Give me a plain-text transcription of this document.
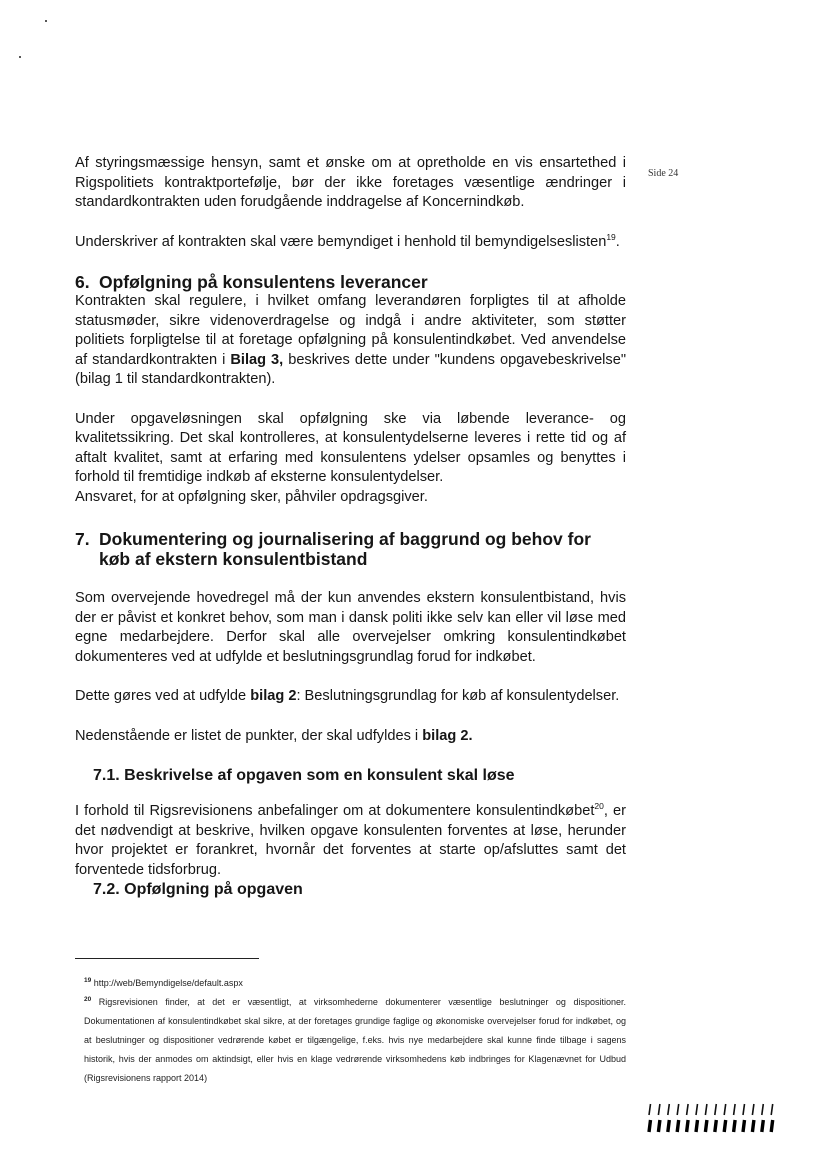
Side 24

Af styringsmæssige hensyn, samt et ønske om at opretholde en vis ensartethed i Rigspolitiets kontraktportefølje, bør der ikke foretages væsentlige ændringer i standardkontrakten uden forudgående inddragelse af Koncernindkøb.

Underskriver af kontrakten skal være bemyndiget i henhold til bemyndigelseslisten$^{19}$.

6. Opfølgning på konsulentens leverancer

Kontrakten skal regulere, i hvilket omfang leverandøren forpligtes til at afholde statusmøder, sikre videnoverdragelse og indgå i andre aktiviteter, som støtter politiets forpligtelse til at foretage opfølgning på konsulentindkøbet. Ved anvendelse af standardkontrakten i Bilag 3, beskrives dette under "kundens opgavebeskrivelse" (bilag 1 til standardkontrakten).

Under opgaveløsningen skal opfølgning ske via løbende leverance- og kvalitetssikring. Det skal kontrolleres, at konsulentydelserne leveres i rette tid og af aftalt kvalitet, samt at erfaring med konsulentens ydelser opsamles og benyttes i forhold til fremtidige indkøb af eksterne konsulentydelser.

Ansvaret, for at opfølgning sker, påhviler opdragsgiver.

7. Dokumentering og journalisering af baggrund og behov for
køb af ekstern konsulentbistand

Som overvejende hovedregel må der kun anvendes ekstern konsulentbistand, hvis der er påvist et konkret behov, som man i dansk politi ikke selv kan eller vil løse med egne medarbejdere. Derfor skal alle overvejelser omkring konsulentindkøbet dokumenteres ved at udfylde et beslutningsgrundlag forud for indkøbet.

Dette gøres ved at udfylde bilag 2: Beslutningsgrundlag for køb af konsulentydelser.

Nedenstående er listet de punkter, der skal udfyldes i bilag 2.

7.1. Beskrivelse af opgaven som en konsulent skal løse

I forhold til Rigsrevisionens anbefalinger om at dokumentere konsulentindkøbet$^{20}$, er det nødvendigt at beskrive, hvilken opgave konsulenten forventes at løse, herunder hvor projektet er forankret, hvornår det forventes at starte op/afsluttes samt det forventede tidsforbrug.

7.2. Opfølgning på opgaven

$^{19}$ http://web/Bemyndigelse/default.aspx

$^{20}$ Rigsrevisionen finder, at det er væsentligt, at virksomhederne dokumenterer væsentlige beslutninger og dispositioner. Dokumentationen af konsulentindkøbet skal sikre, at der foretages grundige faglige og økonomiske overvejelser forud for indkøbet, og at beslutninger og dispositioner vedrørende købet er tilgængelige, f.eks. hvis nye medarbejdere skal kunne finde tilbage i sagens historik, hvis der anmodes om aktindsigt, eller hvis en klage vedrørende virksomhedens køb indbringes for Klagenævnet for Udbud (Rigsrevisionens rapport 2014)
